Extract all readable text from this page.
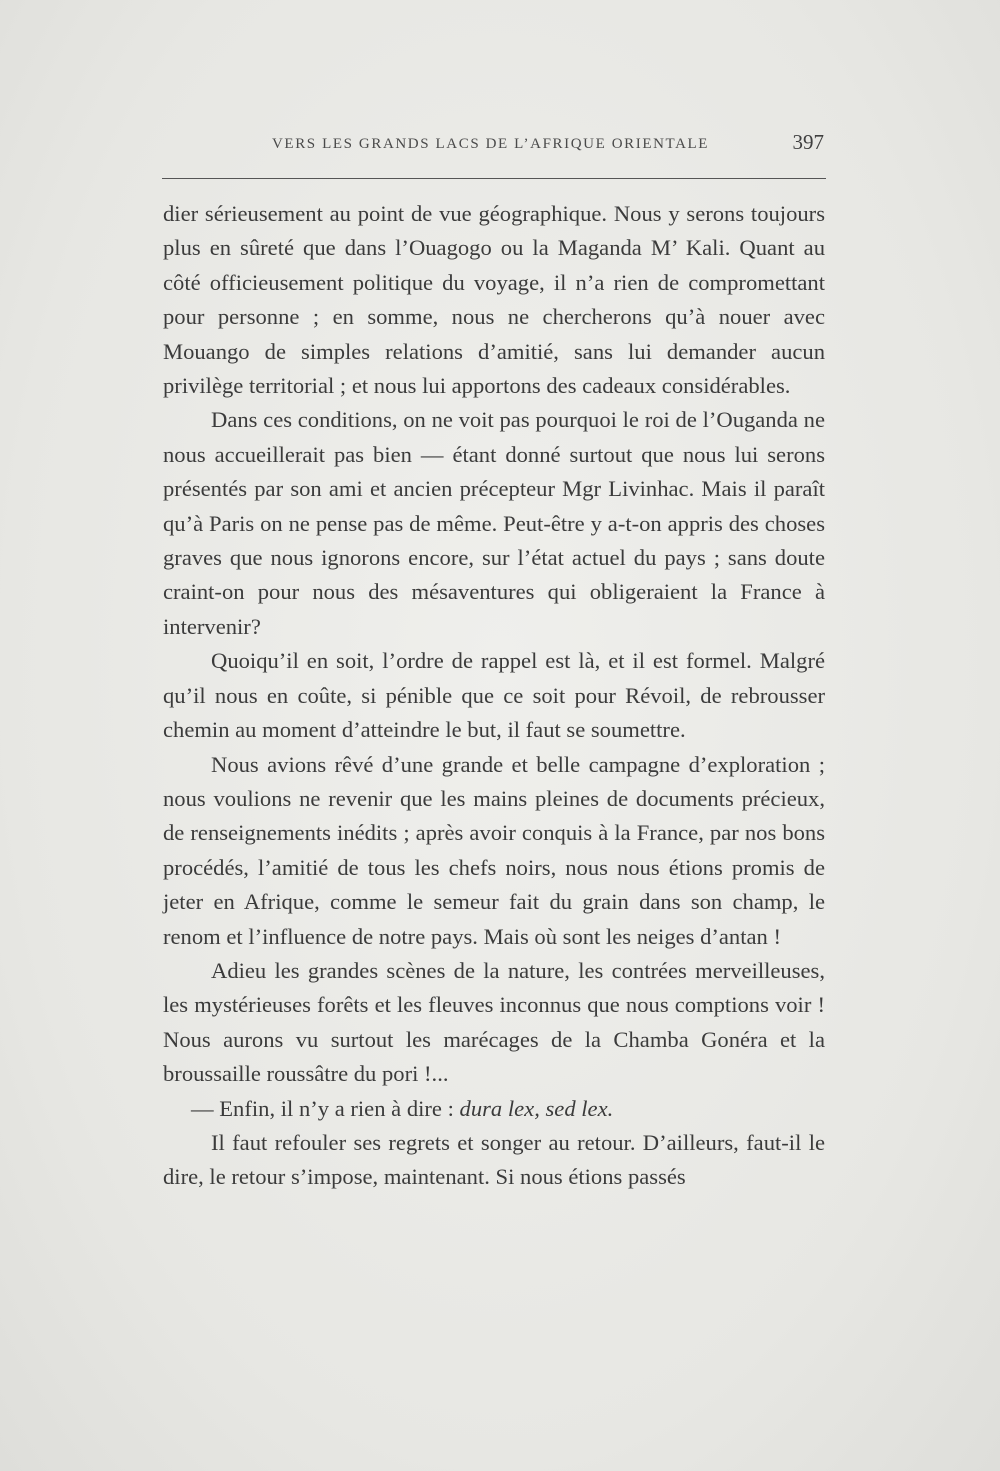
VERS LES GRANDS LACS DE L’AFRIQUE ORIENTALE	397

dier sérieusement au point de vue géographique. Nous y serons toujours plus en sûreté que dans l’Ouagogo ou la Maganda M’ Kali. Quant au côté officieusement politique du voyage, il n’a rien de compromettant pour personne ; en somme, nous ne chercherons qu’à nouer avec Mouango de simples relations d’amitié, sans lui demander aucun privilège territorial ; et nous lui apportons des cadeaux considérables.

Dans ces conditions, on ne voit pas pourquoi le roi de l’Ouganda ne nous accueillerait pas bien — étant donné surtout que nous lui serons présentés par son ami et ancien précepteur Mgr Livinhac. Mais il paraît qu’à Paris on ne pense pas de même. Peut-être y a-t-on appris des choses graves que nous ignorons encore, sur l’état actuel du pays ; sans doute craint-on pour nous des mésaventures qui obligeraient la France à intervenir?

Quoiqu’il en soit, l’ordre de rappel est là, et il est formel. Malgré qu’il nous en coûte, si pénible que ce soit pour Révoil, de rebrousser chemin au moment d’atteindre le but, il faut se soumettre.

Nous avions rêvé d’une grande et belle campagne d’exploration ; nous voulions ne revenir que les mains pleines de documents précieux, de renseignements inédits ; après avoir conquis à la France, par nos bons procédés, l’amitié de tous les chefs noirs, nous nous étions promis de jeter en Afrique, comme le semeur fait du grain dans son champ, le renom et l’influence de notre pays. Mais où sont les neiges d’antan !

Adieu les grandes scènes de la nature, les contrées merveilleuses, les mystérieuses forêts et les fleuves inconnus que nous comptions voir ! Nous aurons vu surtout les marécages de la Chamba Gonéra et la broussaille roussâtre du pori !...

— Enfin, il n’y a rien à dire : dura lex, sed lex.

Il faut refouler ses regrets et songer au retour. D’ailleurs, faut-il le dire, le retour s’impose, maintenant. Si nous étions passés
